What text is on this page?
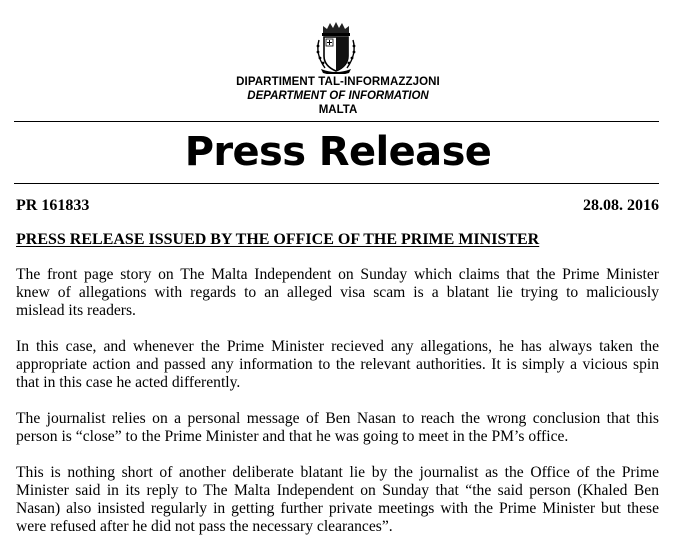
DIPARTIMENT TAL-INFORMAZZJONI
DEPARTMENT OF INFORMATION
MALTA
Press Release
PR 161833	28.08. 2016
PRESS RELEASE ISSUED BY THE OFFICE OF THE PRIME MINISTER
The front page story on The Malta Independent on Sunday which claims that the Prime Minister
knew of allegations with regards to an alleged visa scam is a blatant lie trying to maliciously
mislead its readers.
In this case, and whenever the Prime Minister recieved any allegations, he has always taken the
appropriate action and passed any information to the relevant authorities. It is simply a vicious spin
that in this case he acted differently.
The journalist relies on a personal message of Ben Nasan to reach the wrong conclusion that this
person is “close” to the Prime Minister and that he was going to meet in the PM’s office.
This is nothing short of another deliberate blatant lie by the journalist as the Office of the Prime
Minister said in its reply to The Malta Independent on Sunday that “the said person (Khaled Ben
Nasan) also insisted regularly in getting further private meetings with the Prime Minister but these
were refused after he did not pass the necessary clearances”.
